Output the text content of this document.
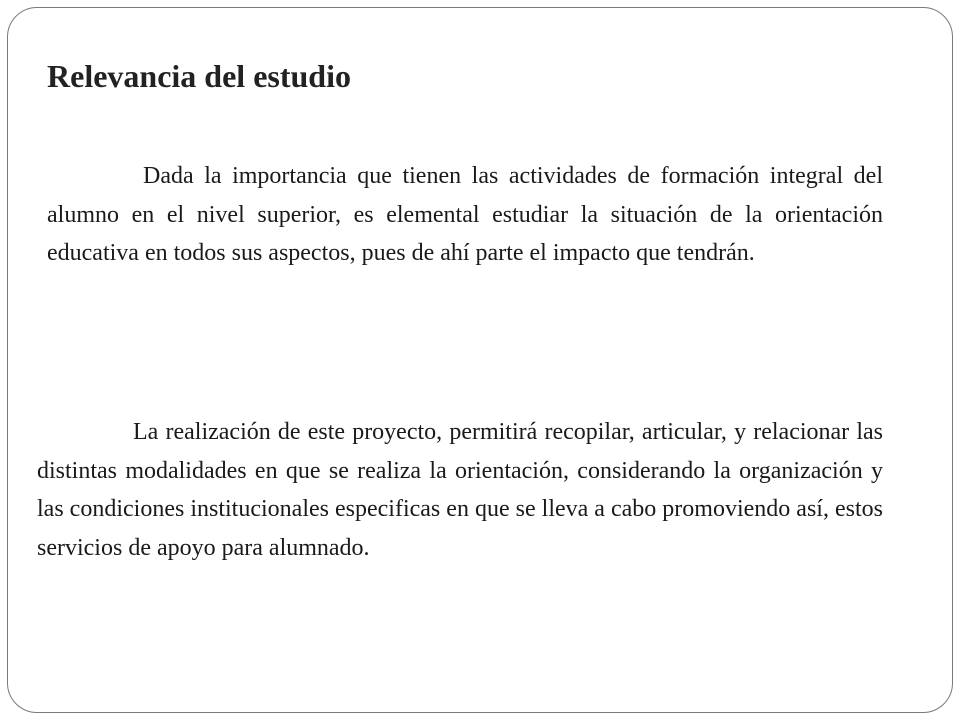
Relevancia del estudio

Dada la importancia que tienen las actividades de formación integral del alumno en el nivel superior, es elemental estudiar la situación de la orientación educativa en todos sus aspectos, pues de ahí parte el impacto que tendrán.

La realización de este proyecto, permitirá recopilar, articular, y relacionar las distintas modalidades en que se realiza la orientación, considerando la organización y las condiciones institucionales especificas en que se lleva a cabo promoviendo así, estos servicios de apoyo para alumnado.
